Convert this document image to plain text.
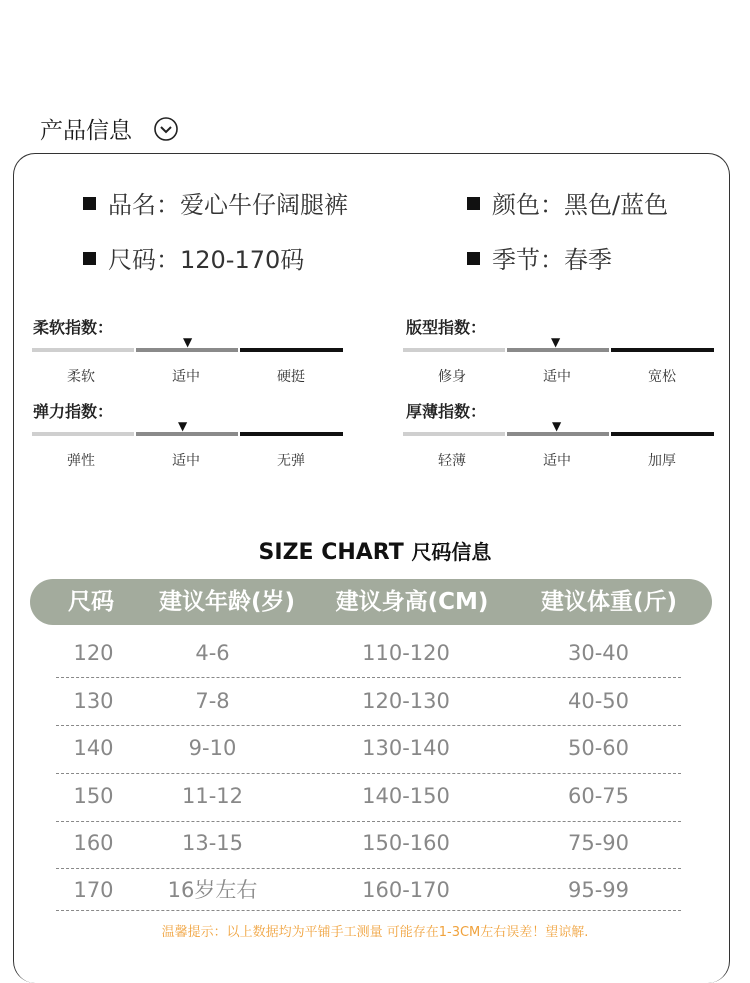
产品信息
品名：爱心牛仔阔腿裤	颜色：黑色/蓝色
尺码：120-170码	季节：春季
柔软指数：
▼
柔软	适中	硬挺
版型指数：
▼
修身	适中	宽松
弹力指数：
▼
弹性	适中	无弹
厚薄指数：
▼
轻薄	适中	加厚
SIZE CHART 尺码信息
尺码	建议年龄(岁)	建议身高(CM)	建议体重(斤)
120	4-6	110-120	30-40
130	7-8	120-130	40-50
140	9-10	130-140	50-60
150	11-12	140-150	60-75
160	13-15	150-160	75-90
170	16岁左右	160-170	95-99
温馨提示：以上数据均为平铺手工测量 可能存在1-3CM左右误差！望谅解.
